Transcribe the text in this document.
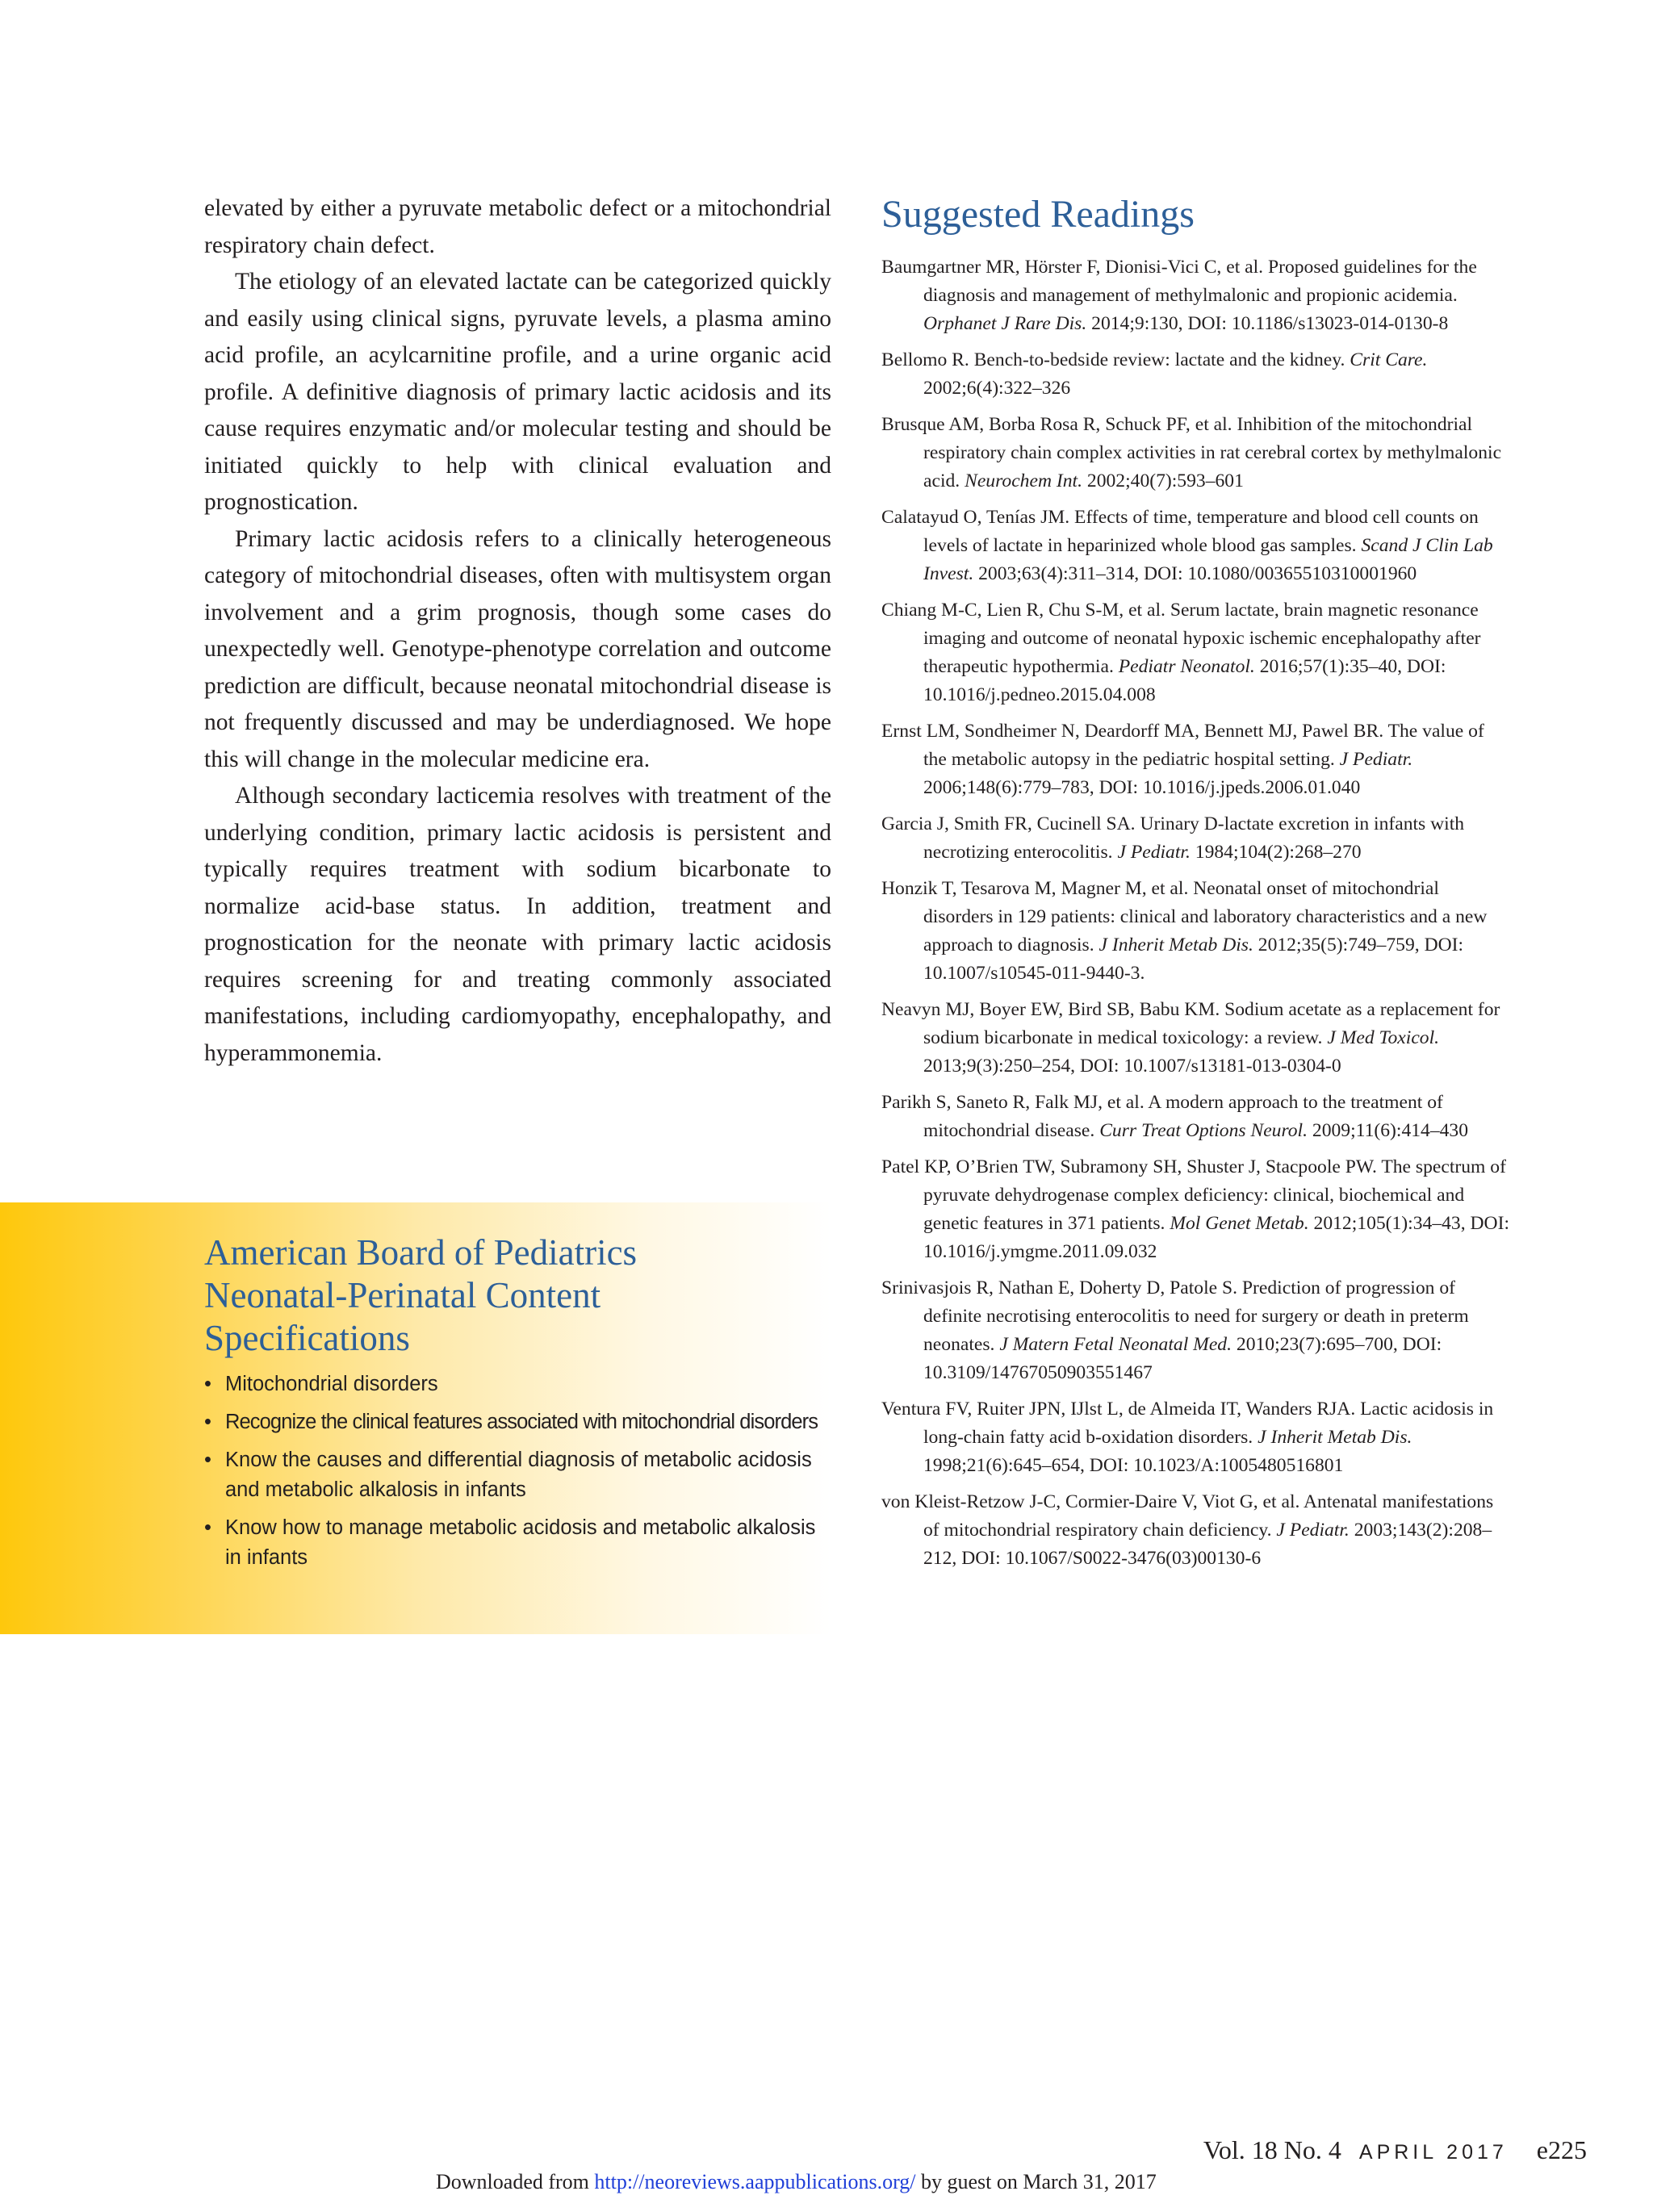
elevated by either a pyruvate metabolic defect or a mitochondrial respiratory chain defect.

The etiology of an elevated lactate can be categorized quickly and easily using clinical signs, pyruvate levels, a plasma amino acid profile, an acylcarnitine profile, and a urine organic acid profile. A definitive diagnosis of primary lactic acidosis and its cause requires enzymatic and/or molecular testing and should be initiated quickly to help with clinical evaluation and prognostication.

Primary lactic acidosis refers to a clinically heterogeneous category of mitochondrial diseases, often with multisystem organ involvement and a grim prognosis, though some cases do unexpectedly well. Genotype-phenotype correlation and outcome prediction are difficult, because neonatal mitochondrial disease is not frequently discussed and may be underdiagnosed. We hope this will change in the molecular medicine era.

Although secondary lacticemia resolves with treatment of the underlying condition, primary lactic acidosis is persistent and typically requires treatment with sodium bicarbonate to normalize acid-base status. In addition, treatment and prognostication for the neonate with primary lactic acidosis requires screening for and treating commonly associated manifestations, including cardiomyopathy, encephalopathy, and hyperammonemia.

American Board of Pediatrics
Neonatal-Perinatal Content
Specifications
• Mitochondrial disorders
• Recognize the clinical features associated with mitochondrial disorders
• Know the causes and differential diagnosis of metabolic acidosis and metabolic alkalosis in infants
• Know how to manage metabolic acidosis and metabolic alkalosis in infants
Suggested Readings

Baumgartner MR, Hörster F, Dionisi-Vici C, et al. Proposed guidelines for the diagnosis and management of methylmalonic and propionic acidemia. Orphanet J Rare Dis. 2014;9:130, DOI: 10.1186/s13023-014-0130-8

Bellomo R. Bench-to-bedside review: lactate and the kidney. Crit Care. 2002;6(4):322–326

Brusque AM, Borba Rosa R, Schuck PF, et al. Inhibition of the mitochondrial respiratory chain complex activities in rat cerebral cortex by methylmalonic acid. Neurochem Int. 2002;40(7):593–601

Calatayud O, Tenías JM. Effects of time, temperature and blood cell counts on levels of lactate in heparinized whole blood gas samples. Scand J Clin Lab Invest. 2003;63(4):311–314, DOI: 10.1080/00365510310001960

Chiang M-C, Lien R, Chu S-M, et al. Serum lactate, brain magnetic resonance imaging and outcome of neonatal hypoxic ischemic encephalopathy after therapeutic hypothermia. Pediatr Neonatol. 2016;57(1):35–40, DOI: 10.1016/j.pedneo.2015.04.008

Ernst LM, Sondheimer N, Deardorff MA, Bennett MJ, Pawel BR. The value of the metabolic autopsy in the pediatric hospital setting. J Pediatr. 2006;148(6):779–783, DOI: 10.1016/j.jpeds.2006.01.040

Garcia J, Smith FR, Cucinell SA. Urinary D-lactate excretion in infants with necrotizing enterocolitis. J Pediatr. 1984;104(2):268–270

Honzik T, Tesarova M, Magner M, et al. Neonatal onset of mitochondrial disorders in 129 patients: clinical and laboratory characteristics and a new approach to diagnosis. J Inherit Metab Dis. 2012;35(5):749–759, DOI: 10.1007/s10545-011-9440-3.

Neavyn MJ, Boyer EW, Bird SB, Babu KM. Sodium acetate as a replacement for sodium bicarbonate in medical toxicology: a review. J Med Toxicol. 2013;9(3):250–254, DOI: 10.1007/s13181-013-0304-0

Parikh S, Saneto R, Falk MJ, et al. A modern approach to the treatment of mitochondrial disease. Curr Treat Options Neurol. 2009;11(6):414–430

Patel KP, O’Brien TW, Subramony SH, Shuster J, Stacpoole PW. The spectrum of pyruvate dehydrogenase complex deficiency: clinical, biochemical and genetic features in 371 patients. Mol Genet Metab. 2012;105(1):34–43, DOI: 10.1016/j.ymgme.2011.09.032

Srinivasjois R, Nathan E, Doherty D, Patole S. Prediction of progression of definite necrotising enterocolitis to need for surgery or death in preterm neonates. J Matern Fetal Neonatal Med. 2010;23(7):695–700, DOI: 10.3109/14767050903551467

Ventura FV, Ruiter JPN, IJlst L, de Almeida IT, Wanders RJA. Lactic acidosis in long-chain fatty acid b-oxidation disorders. J Inherit Metab Dis. 1998;21(6):645–654, DOI: 10.1023/A:1005480516801

von Kleist-Retzow J-C, Cormier-Daire V, Viot G, et al. Antenatal manifestations of mitochondrial respiratory chain deficiency. J Pediatr. 2003;143(2):208–212, DOI: 10.1067/S0022-3476(03)00130-6

Vol. 18 No. 4 APRIL 2017 e225
Downloaded from http://neoreviews.aappublications.org/ by guest on March 31, 2017
